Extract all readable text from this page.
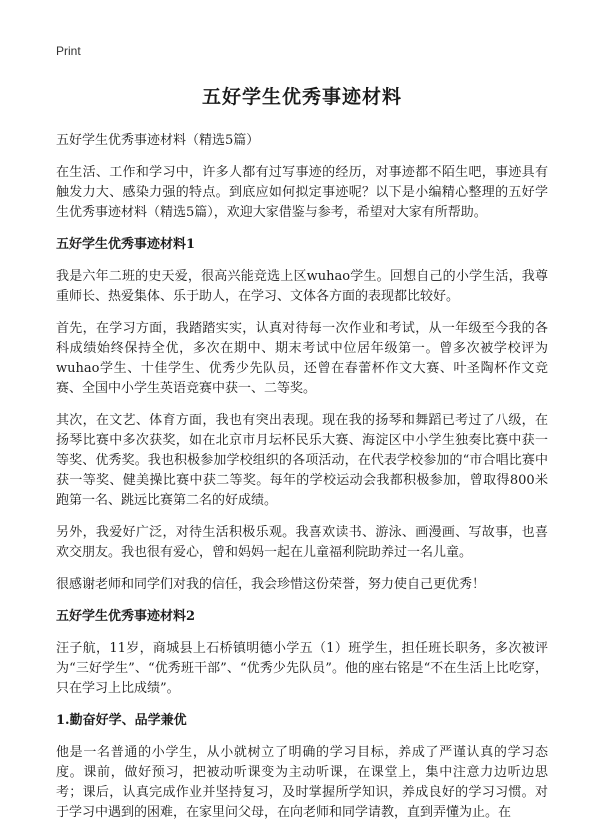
Print
五好学生优秀事迹材料
五好学生优秀事迹材料（精选5篇）

在生活、工作和学习中，许多人都有过写事迹的经历，对事迹都不陌生吧，事迹具有触发力大、感染力强的特点。到底应如何拟定事迹呢？以下是小编精心整理的五好学生优秀事迹材料（精选5篇），欢迎大家借鉴与参考，希望对大家有所帮助。

五好学生优秀事迹材料1

我是六年二班的史天爱，很高兴能竞选上区wuhao学生。回想自己的小学生活，我尊重师长、热爱集体、乐于助人，在学习、文体各方面的表现都比较好。

首先，在学习方面，我踏踏实实，认真对待每一次作业和考试，从一年级至今我的各科成绩始终保持全优，多次在期中、期末考试中位居年级第一。曾多次被学校评为wuhao学生、十佳学生、优秀少先队员，还曾在春蕾杯作文大赛、叶圣陶杯作文竞赛、全国中小学生英语竞赛中获一、二等奖。

其次，在文艺、体育方面，我也有突出表现。现在我的扬琴和舞蹈已考过了八级，在扬琴比赛中多次获奖，如在北京市月坛杯民乐大赛、海淀区中小学生独奏比赛中获一等奖、优秀奖。我也积极参加学校组织的各项活动，在代表学校参加的“市合唱比赛中获一等奖、健美操比赛中获二等奖。每年的学校运动会我都积极参加，曾取得800米跑第一名、跳远比赛第二名的好成绩。

另外，我爱好广泛，对待生活积极乐观。我喜欢读书、游泳、画漫画、写故事，也喜欢交朋友。我也很有爱心，曾和妈妈一起在儿童福利院助养过一名儿童。

很感谢老师和同学们对我的信任，我会珍惜这份荣誉，努力使自己更优秀！

五好学生优秀事迹材料2

汪子航，11岁，商城县上石桥镇明德小学五（1）班学生，担任班长职务，多次被评为“三好学生”、“优秀班干部”、“优秀少先队员”。他的座右铭是“不在生活上比吃穿，只在学习上比成绩”。

1.勤奋好学、品学兼优

他是一名普通的小学生，从小就树立了明确的学习目标，养成了严谨认真的学习态度。课前，做好预习，把被动听课变为主动听课，在课堂上，集中注意力边听边思考；课后，认真完成作业并坚持复习，及时掌握所学知识，养成良好的学习习惯。对于学习中遇到的困难，在家里问父母，在向老师和同学请教，直到弄懂为止。在
